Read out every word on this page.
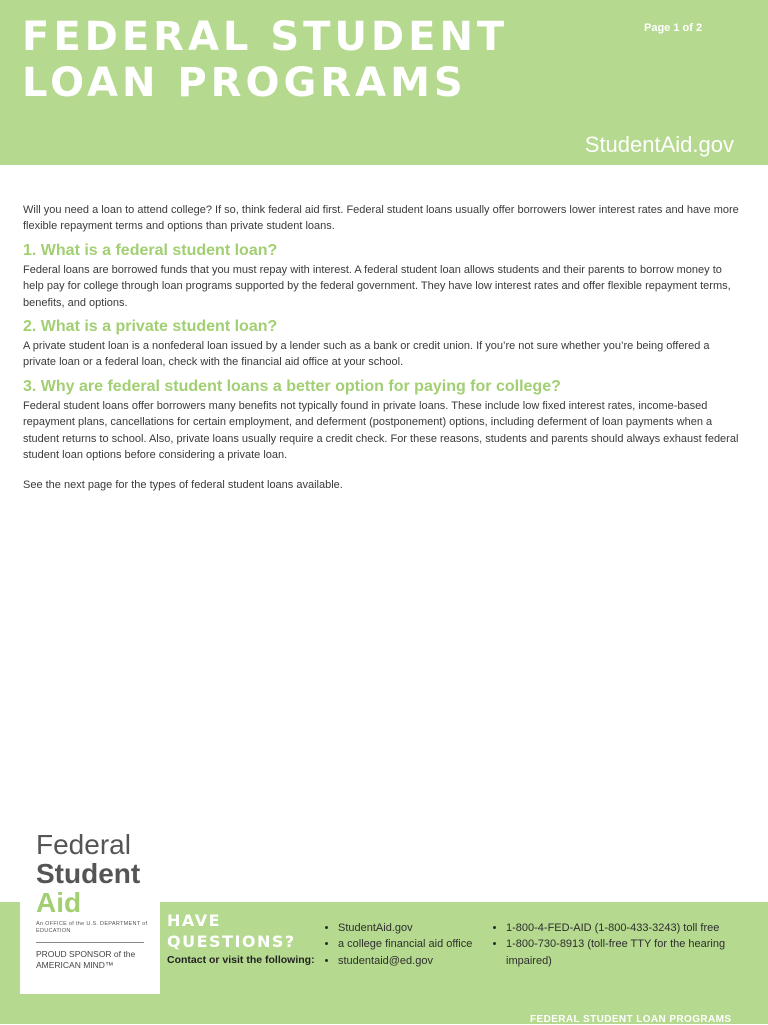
FEDERAL STUDENT LOAN PROGRAMS
Page 1 of 2
StudentAid.gov

Will you need a loan to attend college? If so, think federal aid first. Federal student loans usually offer borrowers lower interest rates and have more flexible repayment terms and options than private student loans.

1. What is a federal student loan?

Federal loans are borrowed funds that you must repay with interest. A federal student loan allows students and their parents to borrow money to help pay for college through loan programs supported by the federal government. They have low interest rates and offer flexible repayment terms, benefits, and options.

2. What is a private student loan?

A private student loan is a nonfederal loan issued by a lender such as a bank or credit union. If you’re not sure whether you’re being offered a private loan or a federal loan, check with the financial aid office at your school.

3. Why are federal student loans a better option for paying for college?

Federal student loans offer borrowers many benefits not typically found in private loans. These include low fixed interest rates, income-based repayment plans, cancellations for certain employment, and deferment (postponement) options, including deferment of loan payments when a student returns to school. Also, private loans usually require a credit check. For these reasons, students and parents should always exhaust federal student loan options before considering a private loan.

See the next page for the types of federal student loans available.

Federal
Student
Aid
An OFFICE of the U.S. DEPARTMENT of EDUCATION
PROUD SPONSOR of the AMERICAN MIND™
HAVE QUESTIONS?
Contact or visit the following:
• StudentAid.gov
• a college financial aid office
• studentaid@ed.gov
• 1-800-4-FED-AID (1-800-433-3243) toll free
• 1-800-730-8913 (toll-free TTY for the hearing impaired)
FEDERAL STUDENT LOAN PROGRAMS
